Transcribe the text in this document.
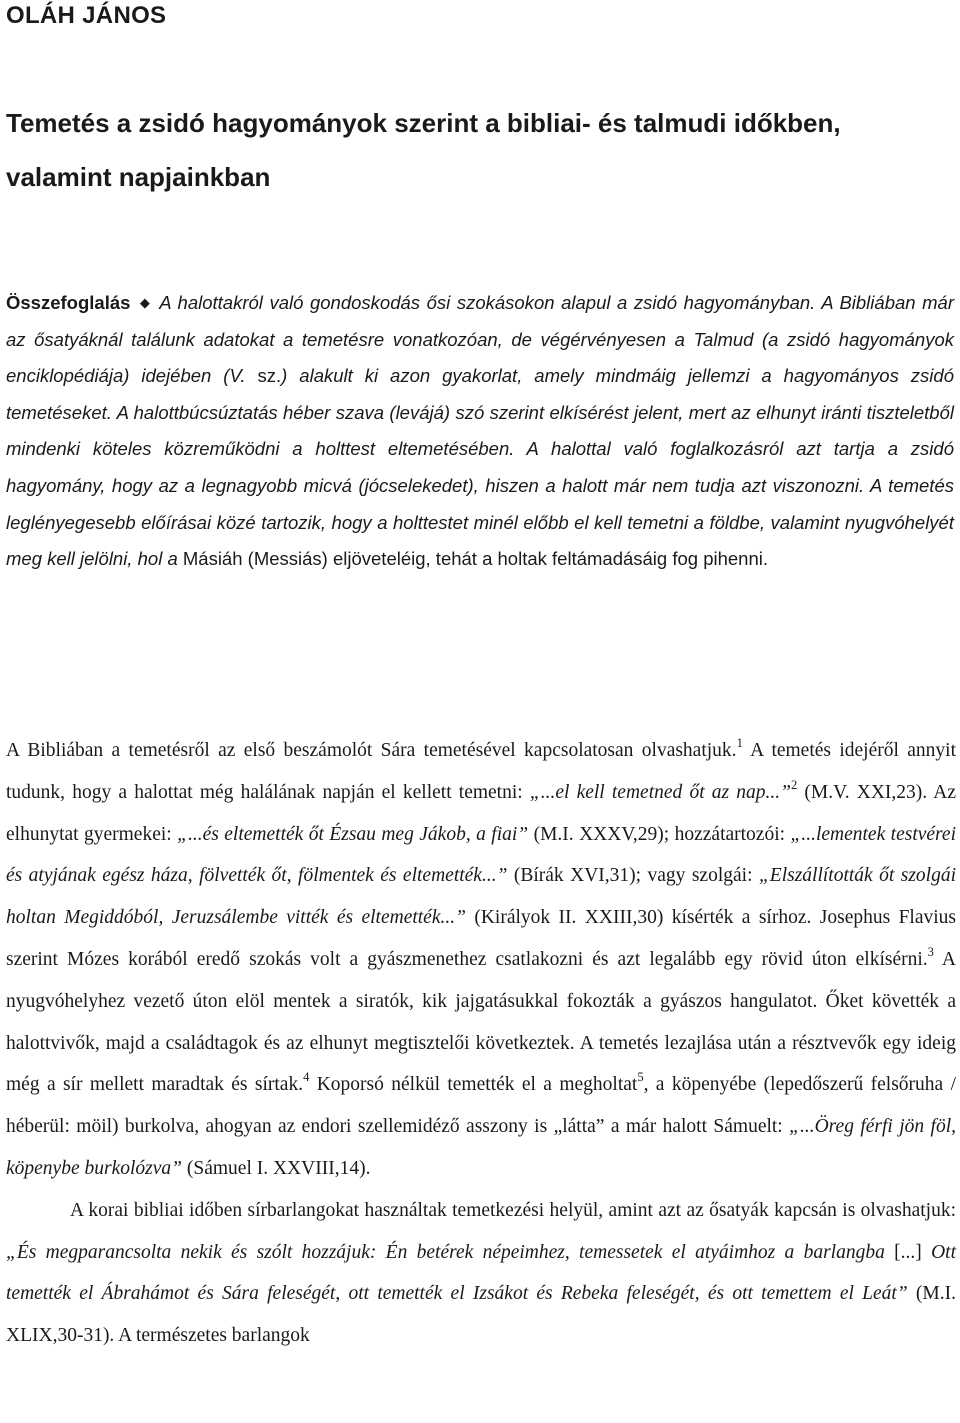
OLÁH JÁNOS
Temetés a zsidó hagyományok szerint a bibliai- és talmudi időkben, valamint napjainkban
Összefoglalás ◆ A halottakról való gondoskodás ősi szokásokon alapul a zsidó hagyományban. A Bibliában már az ősatyáknál találunk adatokat a temetésre vonatkozóan, de végérvényesen a Talmud (a zsidó hagyományok enciklopédiája) idejében (V. sz.) alakult ki azon gyakorlat, amely mindmáig jellemzi a hagyományos zsidó temetéseket. A halottbúcsúztatás héber szava (levájá) szó szerint elkísérést jelent, mert az elhunyt iránti tiszteletből mindenki köteles közreműködni a holttest eltemetésében. A halottal való foglalkozásról azt tartja a zsidó hagyomány, hogy az a legnagyobb micvá (jócselekedet), hiszen a halott már nem tudja azt viszonozni. A temetés leglényegesebb előírásai közé tartozik, hogy a holttestet minél előbb el kell temetni a földbe, valamint nyugvóhelyét meg kell jelölni, hol a Másiáh (Messiás) eljöveteléig, tehát a holtak feltámadásáig fog pihenni.

A Bibliában a temetésről az első beszámolót Sára temetésével kapcsolatosan olvashatjuk.$^1$ A temetés idejéről annyit tudunk, hogy a halottat még halálának napján el kellett temetni: „...el kell temetned őt az nap...”$^2$ (M.V. XXI,23). Az elhunytat gyermekei: „...és eltemették őt Ézsau meg Jákob, a fiai” (M.I. XXXV,29); hozzátartozói: „...lementek testvérei és atyjának egész háza, fölvették őt, fölmentek és eltemették...” (Bírák XVI,31); vagy szolgái: „Elszállították őt szolgái holtan Megiddóból, Jeruzsálembe vitték és eltemették...” (Királyok II. XXIII,30) kísérték a sírhoz. Josephus Flavius szerint Mózes korából eredő szokás volt a gyászmenethez csatlakozni és azt legalább egy rövid úton elkísérni.$^3$ A nyugvóhelyhez vezető úton elöl mentek a siratók, kik jajgatásukkal fokozták a gyászos hangulatot. Őket követték a halottvivők, majd a családtagok és az elhunyt megtisztelői következtek. A temetés lezajlása után a résztvevők egy ideig még a sír mellett maradtak és sírtak.$^4$ Koporsó nélkül temették el a megholtat$^5$, a köpenyébe (lepedőszerű felsőruha / héberül: möil) burkolva, ahogyan az endori szellemidéző asszony is „látta” a már halott Sámuelt: „...Öreg férfi jön föl, köpenybe burkolózva” (Sámuel I. XXVIII,14).

A korai bibliai időben sírbarlangokat használtak temetkezési helyül, amint azt az ősatyák kapcsán is olvashatjuk: „És megparancsolta nekik és szólt hozzájuk: Én betérek népeimhez, temessetek el atyáimhoz a barlangba [...] Ott temették el Ábrahámot és Sára feleségét, ott temették el Izsákot és Rebeka feleségét, és ott temettem el Leát” (M.I. XLIX,30-31). A természetes barlangok
